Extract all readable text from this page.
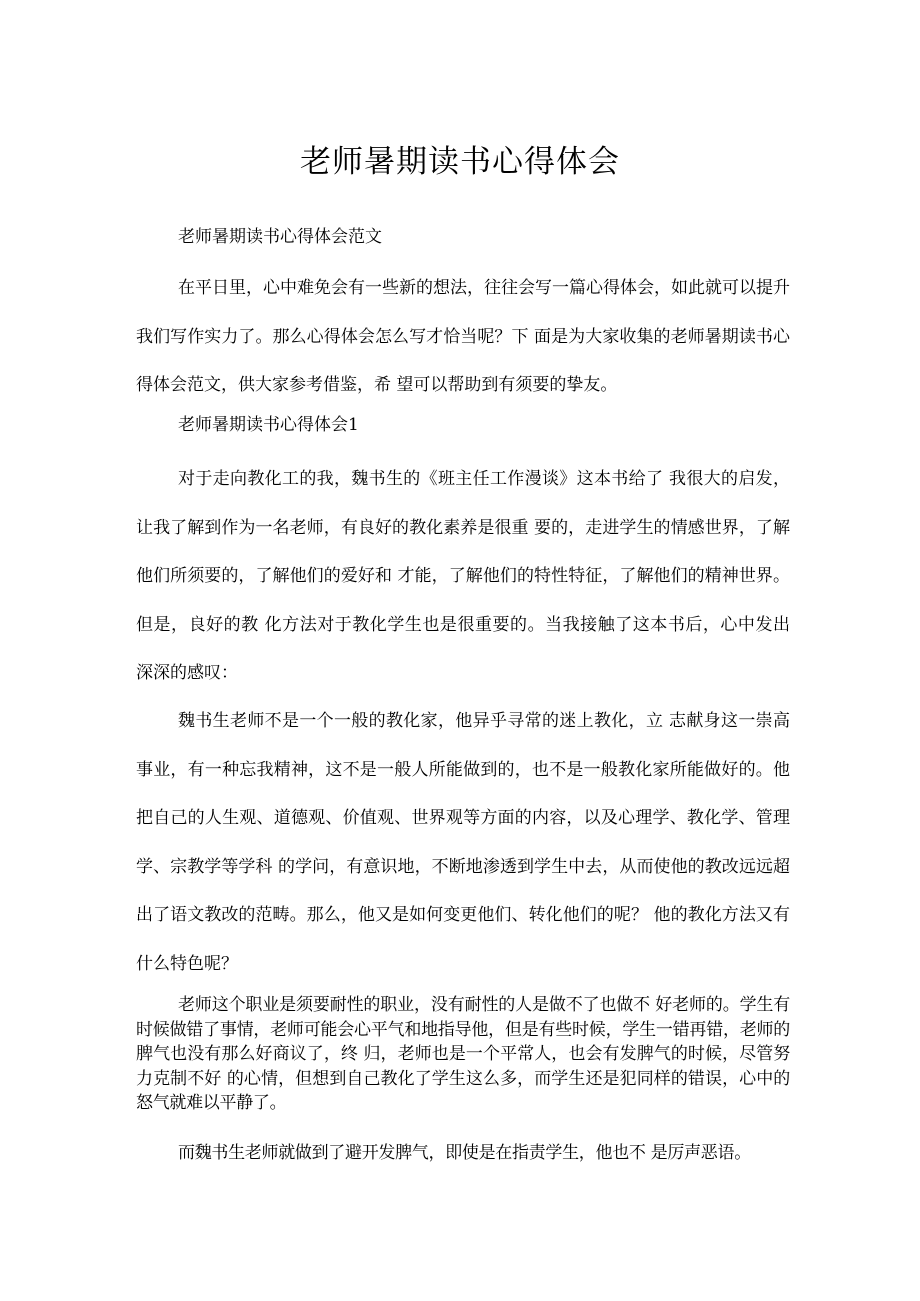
老师暑期读书心得体会

老师暑期读书心得体会范文

在平日里，心中难免会有一些新的想法，往往会写一篇心得体会，如此就可以提升我们写作实力了。那么心得体会怎么写才恰当呢？下 面是为大家收集的老师暑期读书心得体会范文，供大家参考借鉴，希 望可以帮助到有须要的挚友。

老师暑期读书心得体会1

对于走向教化工的我，魏书生的《班主任工作漫谈》这本书给了 我很大的启发，让我了解到作为一名老师，有良好的教化素养是很重 要的，走进学生的情感世界，了解他们所须要的，了解他们的爱好和 才能，了解他们的特性特征，了解他们的精神世界。但是，良好的教 化方法对于教化学生也是很重要的。当我接触了这本书后，心中发出 深深的感叹：

魏书生老师不是一个一般的教化家，他异乎寻常的迷上教化，立 志献身这一崇高事业，有一种忘我精神，这不是一般人所能做到的，也不是一般教化家所能做好的。他把自己的人生观、道德观、价值观、世界观等方面的内容，以及心理学、教化学、管理学、宗教学等学科 的学问，有意识地，不断地渗透到学生中去，从而使他的教改远远超 出了语文教改的范畴。那么，他又是如何变更他们、转化他们的呢？ 他的教化方法又有什么特色呢？

老师这个职业是须要耐性的职业，没有耐性的人是做不了也做不 好老师的。学生有时候做错了事情，老师可能会心平气和地指导他，但是有些时候，学生一错再错，老师的脾气也没有那么好商议了，终 归，老师也是一个平常人，也会有发脾气的时候，尽管努力克制不好 的心情，但想到自己教化了学生这么多，而学生还是犯同样的错误，心中的怒气就难以平静了。

而魏书生老师就做到了避开发脾气，即使是在指责学生，他也不 是厉声恶语。
